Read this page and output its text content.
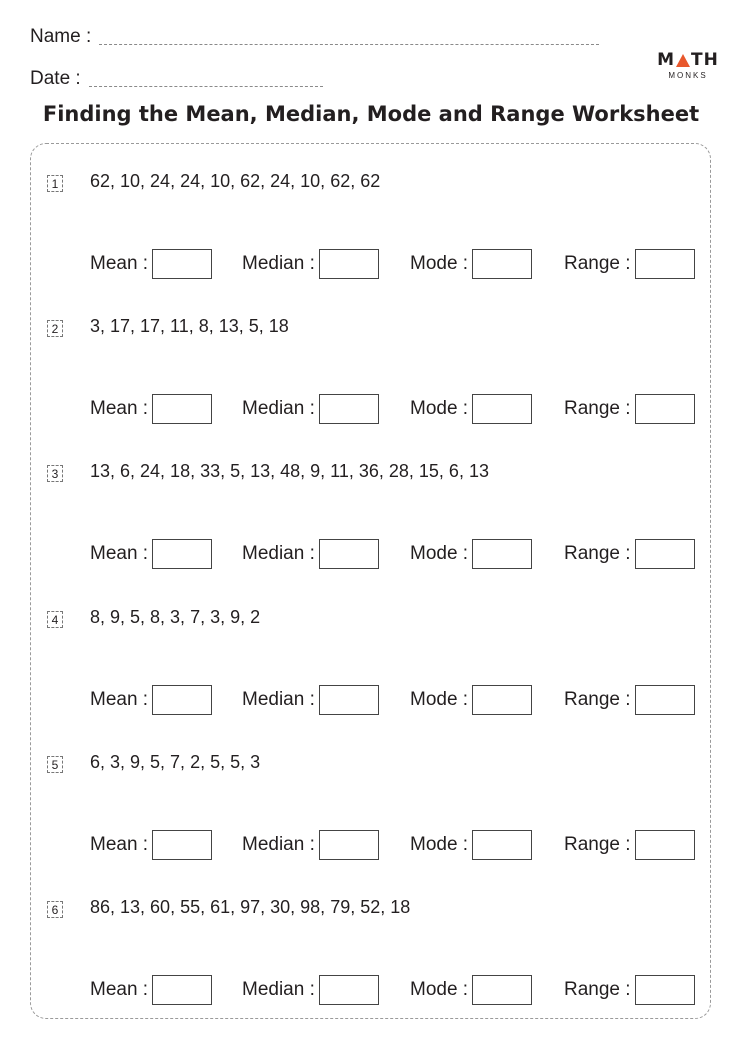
Name :
Date :
M TH
MONKS
Finding the Mean, Median, Mode and Range Worksheet
1 62, 10, 24, 24, 10, 62, 24, 10, 62, 62
Mean :	Median :	Mode :	Range :
2 3, 17, 17, 11, 8, 13, 5, 18
Mean :	Median :	Mode :	Range :
3 13, 6, 24, 18, 33, 5, 13, 48, 9, 11, 36, 28, 15, 6, 13
Mean :	Median :	Mode :	Range :
4 8, 9, 5, 8, 3, 7, 3, 9, 2
Mean :	Median :	Mode :	Range :
5 6, 3, 9, 5, 7, 2, 5, 5, 3
Mean :	Median :	Mode :	Range :
6 86, 13, 60, 55, 61, 97, 30, 98, 79, 52, 18
Mean :	Median :	Mode :	Range :
